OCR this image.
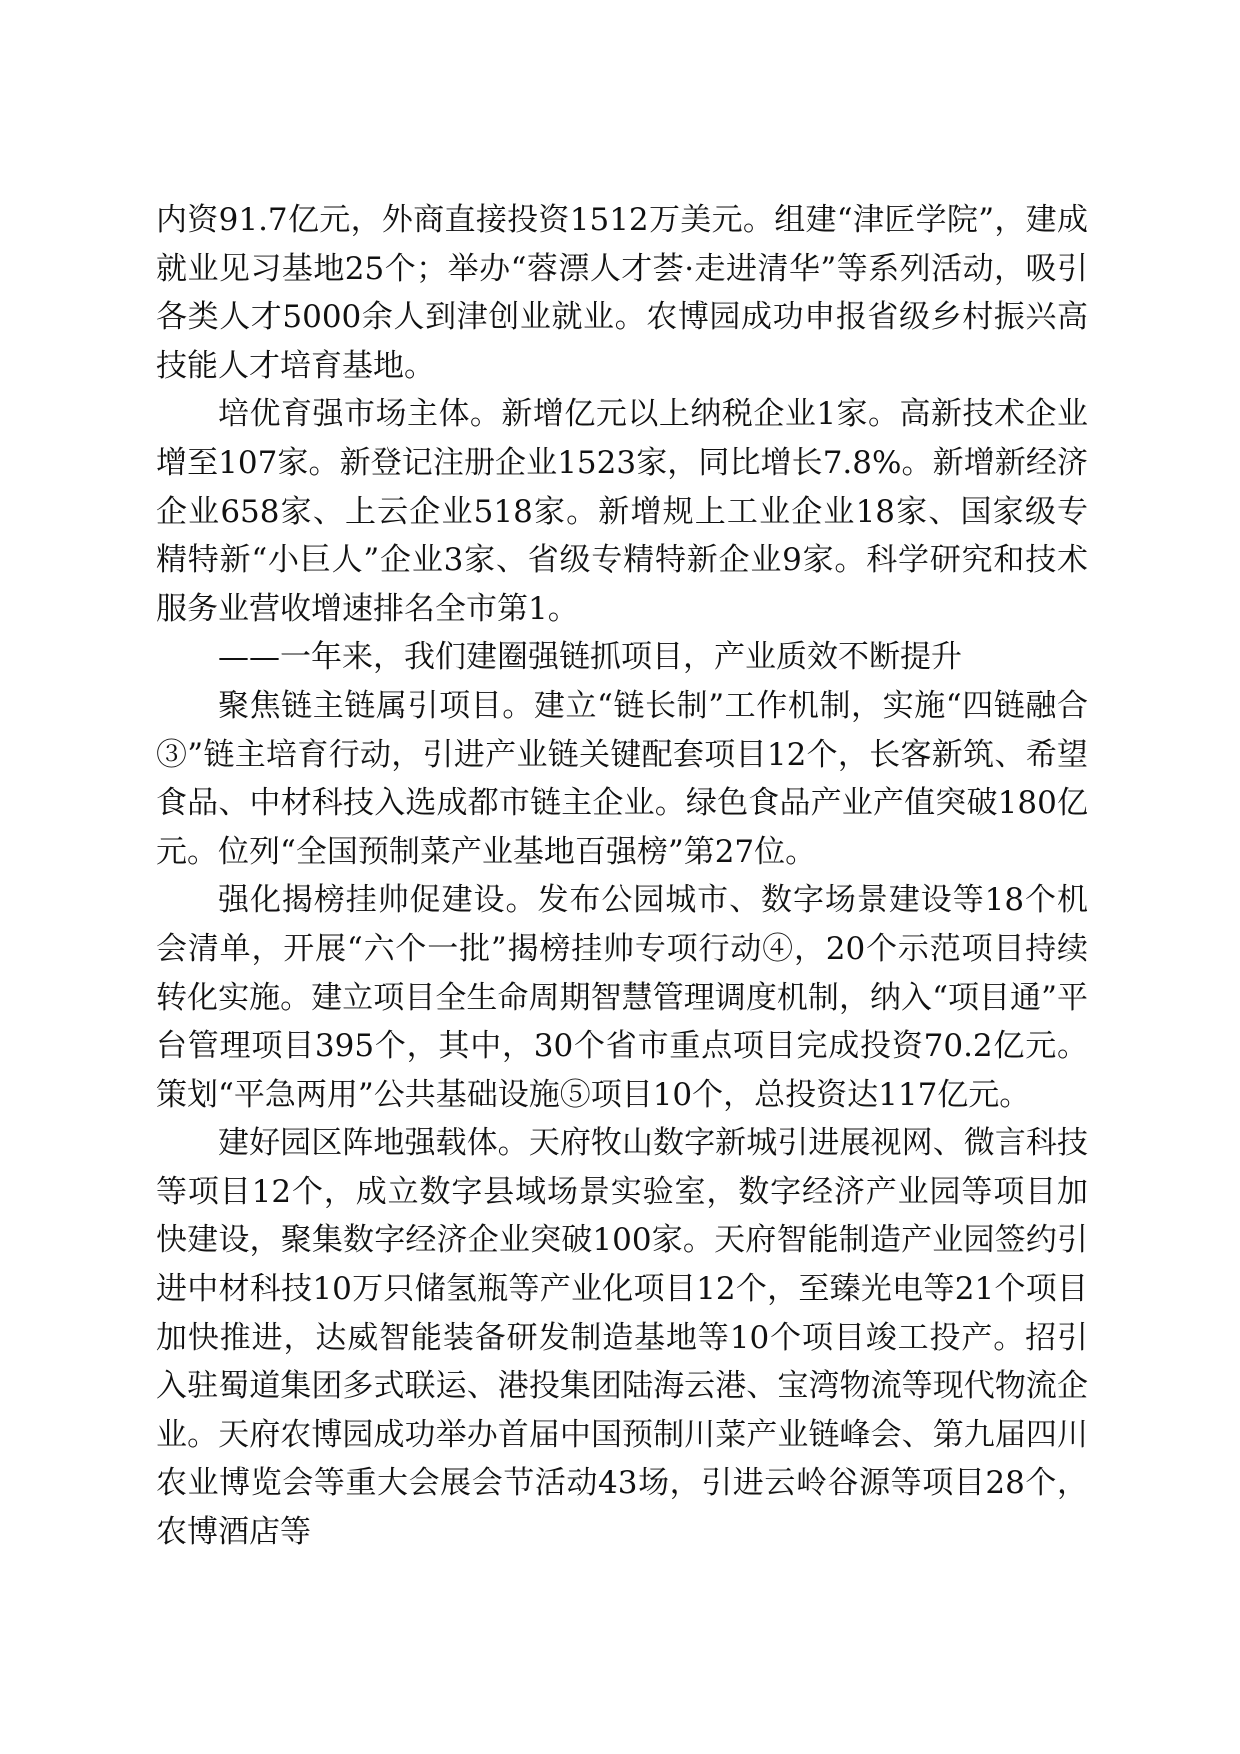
内资91.7亿元，外商直接投资1512万美元。组建“津匠学院”，建成就业见习基地25个；举办“蓉漂人才荟·走进清华”等系列活动，吸引各类人才5000余人到津创业就业。农博园成功申报省级乡村振兴高技能人才培育基地。

培优育强市场主体。新增亿元以上纳税企业1家。高新技术企业增至107家。新登记注册企业1523家，同比增长7.8%。新增新经济企业658家、上云企业518家。新增规上工业企业18家、国家级专精特新“小巨人”企业3家、省级专精特新企业9家。科学研究和技术服务业营收增速排名全市第1。

——一年来，我们建圈强链抓项目，产业质效不断提升

聚焦链主链属引项目。建立“链长制”工作机制，实施“四链融合③”链主培育行动，引进产业链关键配套项目12个，长客新筑、希望食品、中材科技入选成都市链主企业。绿色食品产业产值突破180亿元。位列“全国预制菜产业基地百强榜”第27位。

强化揭榜挂帅促建设。发布公园城市、数字场景建设等18个机会清单，开展“六个一批”揭榜挂帅专项行动④，20个示范项目持续转化实施。建立项目全生命周期智慧管理调度机制，纳入“项目通”平台管理项目395个，其中，30个省市重点项目完成投资70.2亿元。策划“平急两用”公共基础设施⑤项目10个，总投资达117亿元。

建好园区阵地强载体。天府牧山数字新城引进展视网、微言科技等项目12个，成立数字县域场景实验室，数字经济产业园等项目加快建设，聚集数字经济企业突破100家。天府智能制造产业园签约引进中材科技10万只储氢瓶等产业化项目12个，至臻光电等21个项目加快推进，达威智能装备研发制造基地等10个项目竣工投产。招引入驻蜀道集团多式联运、港投集团陆海云港、宝湾物流等现代物流企业。天府农博园成功举办首届中国预制川菜产业链峰会、第九届四川农业博览会等重大会展会节活动43场，引进云岭谷源等项目28个，农博酒店等
